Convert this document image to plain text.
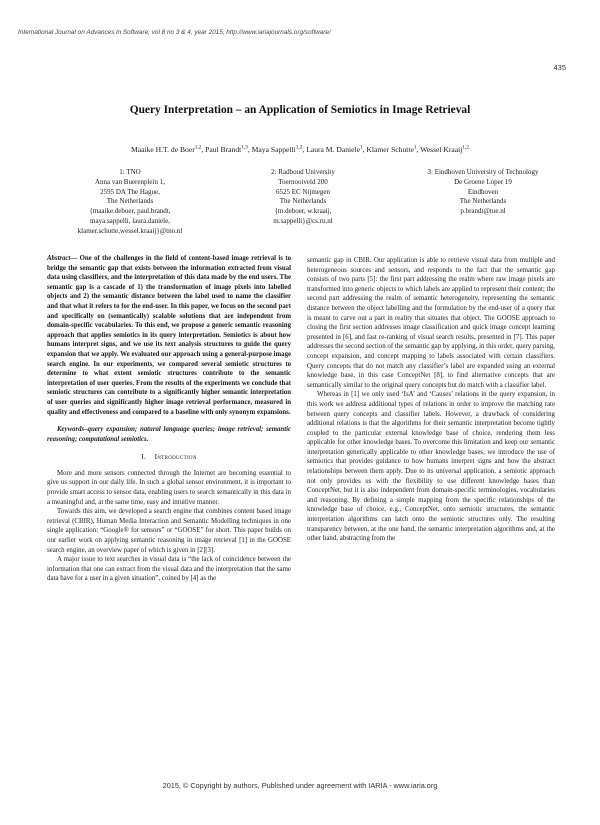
International Journal on Advances in Software, vol 8 no 3 & 4, year 2015, http://www.iariajournals.org/software/
435
Query Interpretation – an Application of Semiotics in Image Retrieval
Maaike H.T. de Boer$^{1,2}$, Paul Brandt$^{1,3}$, Maya Sappelli$^{1,2}$, Laura M. Daniele$^1$, Klamer Schutte$^1$, Wessel Kraaij$^{1,2}$
1: TNO
Anna van Buerenplein 1,
2595 DA The Hague,
The Netherlands
{maaike.deboer, paul.brandt,
maya.sappelli, laura.daniele,
klamer.schutte,wessel.kraaij}@tno.nl
2: Radboud University
Toernooiveld 200
6525 EC Nijmegen
The Netherlands
{m.deboer, w.kraaij,
m.sappelli}@cs.ru.nl
3: Eindhoven University of Technology
De Groene Loper 19
Eindhoven
The Netherlands
p.brandt@tue.nl

Abstract— One of the challenges in the field of content-based image retrieval is to bridge the semantic gap that exists between the information extracted from visual data using classifiers, and the interpretation of this data made by the end users. The semantic gap is a cascade of 1) the transformation of image pixels into labelled objects and 2) the semantic distance between the label used to name the classifier and that what it refers to for the end-user. In this paper, we focus on the second part and specifically on (semantically) scalable solutions that are independent from domain-specific vocabularies. To this end, we propose a generic semantic reasoning approach that applies semiotics in its query interpretation. Semiotics is about how humans interpret signs, and we use its text analysis structures to guide the query expansion that we apply. We evaluated our approach using a general-purpose image search engine. In our experiments, we compared several semiotic structures to determine to what extent semiotic structures contribute to the semantic interpretation of user queries. From the results of the experiments we conclude that semiotic structures can contribute to a significantly higher semantic interpretation of user queries and significantly higher image retrieval performance, measured in quality and effectiveness and compared to a baseline with only synonym expansions.

Keywords–query expansion; natural language queries; image retrieval; semantic reasoning; computational semiotics.

I. Introduction

More and more sensors connected through the Internet are becoming essential to give us support in our daily life. In such a global sensor environment, it is important to provide smart access to sensor data, enabling users to search semantically in this data in a meaningful and, at the same time, easy and intuitive manner.

Towards this aim, we developed a search engine that combines content based image retrieval (CBIR), Human Media Interaction and Semantic Modelling techniques in one single application: “Google® for sensors” or “GOOSE” for short. This paper builds on our earlier work on applying semantic reasoning in image retrieval [1] in the GOOSE search engine, an overview paper of which is given in [2][3].

A major issue to text searches in visual data is “the lack of coincidence between the information that one can extract from the visual data and the interpretation that the same data have for a user in a given situation”, coined by [4] as the

semantic gap in CBIR. Our application is able to retrieve visual data from multiple and heterogeneous sources and sensors, and responds to the fact that the semantic gap consists of two parts [5]: the first part addressing the realm where raw image pixels are transformed into generic objects to which labels are applied to represent their content; the second part addressing the realm of semantic heterogeneity, representing the semantic distance between the object labelling and the formulation by the end-user of a query that is meant to carve out a part in reality that situates that object. The GOOSE approach to closing the first section addresses image classification and quick image concept learning presented in [6], and fast re-ranking of visual search results, presented in [7]. This paper addresses the second section of the semantic gap by applying, in this order, query parsing, concept expansion, and concept mapping to labels associated with certain classifiers. Query concepts that do not match any classifier’s label are expanded using an external knowledge base, in this case ConceptNet [8], to find alternative concepts that are semantically similar to the original query concepts but do match with a classifier label.

Whereas in [1] we only used ‘IsA’ and ‘Causes’ relations in the query expansion, in this work we address additional types of relations in order to improve the matching rate between query concepts and classifier labels. However, a drawback of considering additional relations is that the algorithms for their semantic interpretation become tightly coupled to the particular external knowledge base of choice, rendering them less applicable for other knowledge bases. To overcome this limitation and keep our semantic interpretation generically applicable to other knowledge bases, we introduce the use of semiotics that provides guidance to how humans interpret signs and how the abstract relationships between them apply. Due to its universal application, a semiotic approach not only provides us with the flexibility to use different knowledge bases than ConceptNet, but it is also independent from domain-specific terminologies, vocabularies and reasoning. By defining a simple mapping from the specific relationships of the knowledge base of choice, e.g., ConceptNet, onto semiotic structures, the semantic interpretation algorithms can latch onto the semiotic structures only. The resulting transparency between, at the one hand, the semantic interpretation algorithms and, at the other hand, abstracting from the

2015, © Copyright by authors, Published under agreement with IARIA - www.iaria.org
